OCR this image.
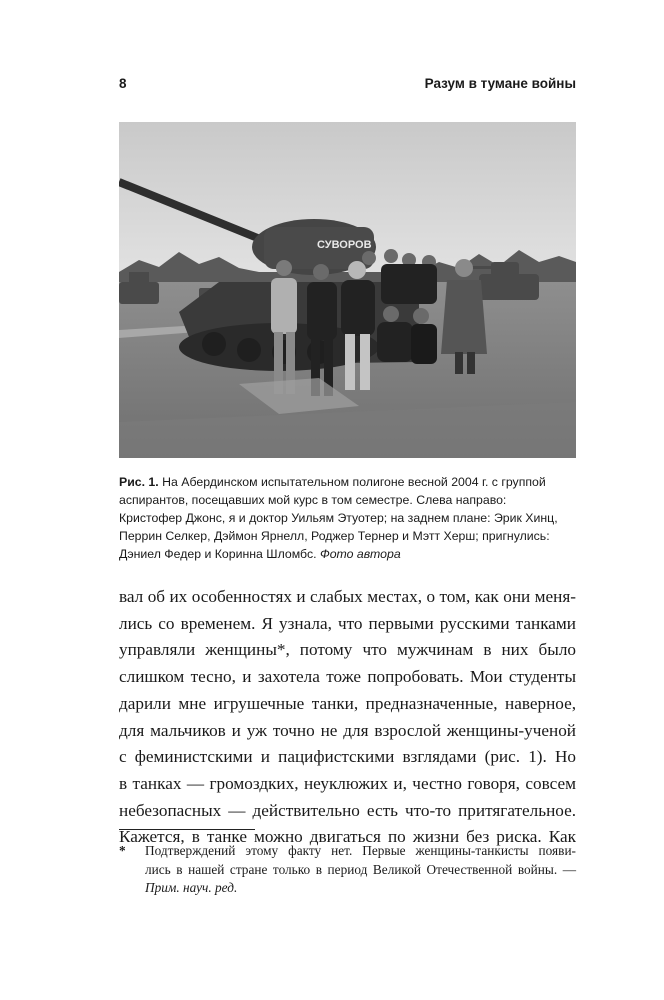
8	Разум в тумане войны
СУВОРОВ
Рис. 1. На Абердинском испытательном полигоне весной 2004 г. с группой
аспирантов, посещавших мой курс в том семестре. Слева направо:
Кристофер Джонс, я и доктор Уильям Этуотер; на заднем плане: Эрик Хинц,
Перрин Селкер, Дэймон Ярнелл, Роджер Тернер и Мэтт Херш; пригнулись:
Дэниел Федер и Коринна Шломбс. Фото автора
вал об их особенностях и слабых местах, о том, как они меня-
лись со временем. Я узнала, что первыми русскими танками
управляли женщины*, потому что мужчинам в них было
слишком тесно, и захотела тоже попробовать. Мои студенты
дарили мне игрушечные танки, предназначенные, наверное,
для мальчиков и уж точно не для взрослой женщины-ученой
с феминистскими и пацифистскими взглядами (рис. 1). Но
в танках — громоздких, неуклюжих и, честно говоря, совсем
небезопасных — действительно есть что-то притягательное.
Кажется, в танке можно двигаться по жизни без риска. Как
* Подтверждений этому факту нет. Первые женщины-танкисты появи-
лись в нашей стране только в период Великой Отечественной войны. —
Прим. науч. ред.
